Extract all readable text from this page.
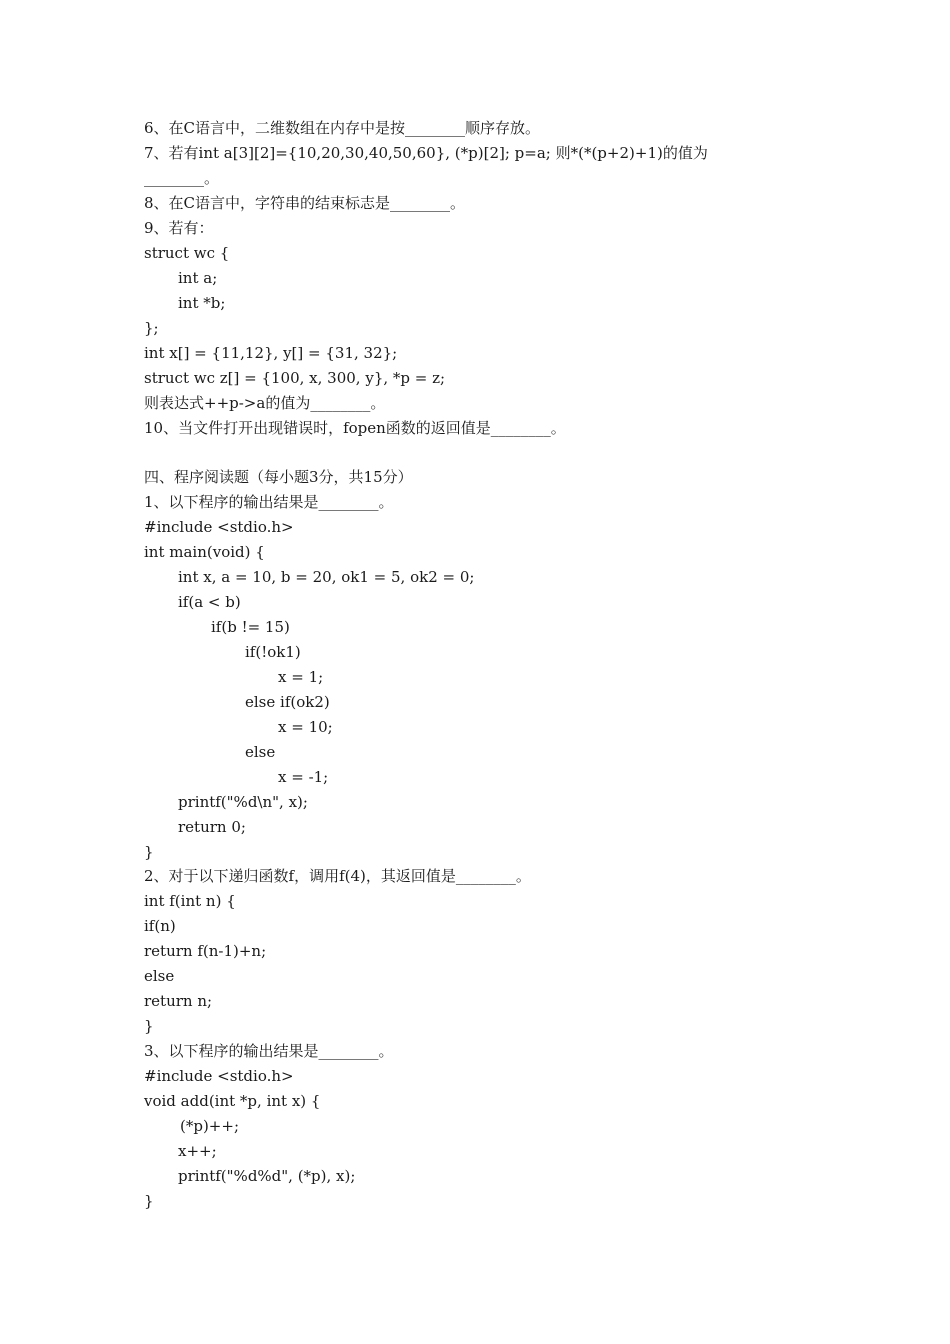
6、在C语言中，二维数组在内存中是按________顺序存放。
7、若有int a[3][2]={10,20,30,40,50,60}, (*p)[2]; p=a; 则*(*(p+2)+1)的值为
________。
8、在C语言中，字符串的结束标志是________。
9、若有：
struct wc {
int a;
int *b;
};
int x[] = {11,12}, y[] = {31, 32};
struct wc z[] = {100, x, 300, y}, *p = z;
则表达式++p->a的值为________。
10、当文件打开出现错误时，fopen函数的返回值是________。
四、程序阅读题（每小题3分，共15分）
1、以下程序的输出结果是________。
#include <stdio.h>
int main(void) {
int x, a = 10, b = 20, ok1 = 5, ok2 = 0;
if(a < b)
if(b != 15)
if(!ok1)
x = 1;
else if(ok2)
x = 10;
else
x = -1;
printf("%d\n", x);
return 0;
}
2、对于以下递归函数f，调用f(4)，其返回值是________。
int f(int n) {
if(n)
return f(n-1)+n;
else
return n;
}
3、以下程序的输出结果是________。
#include <stdio.h>
void add(int *p, int x) {
(*p)++;
x++;
printf("%d%d", (*p), x);
}
